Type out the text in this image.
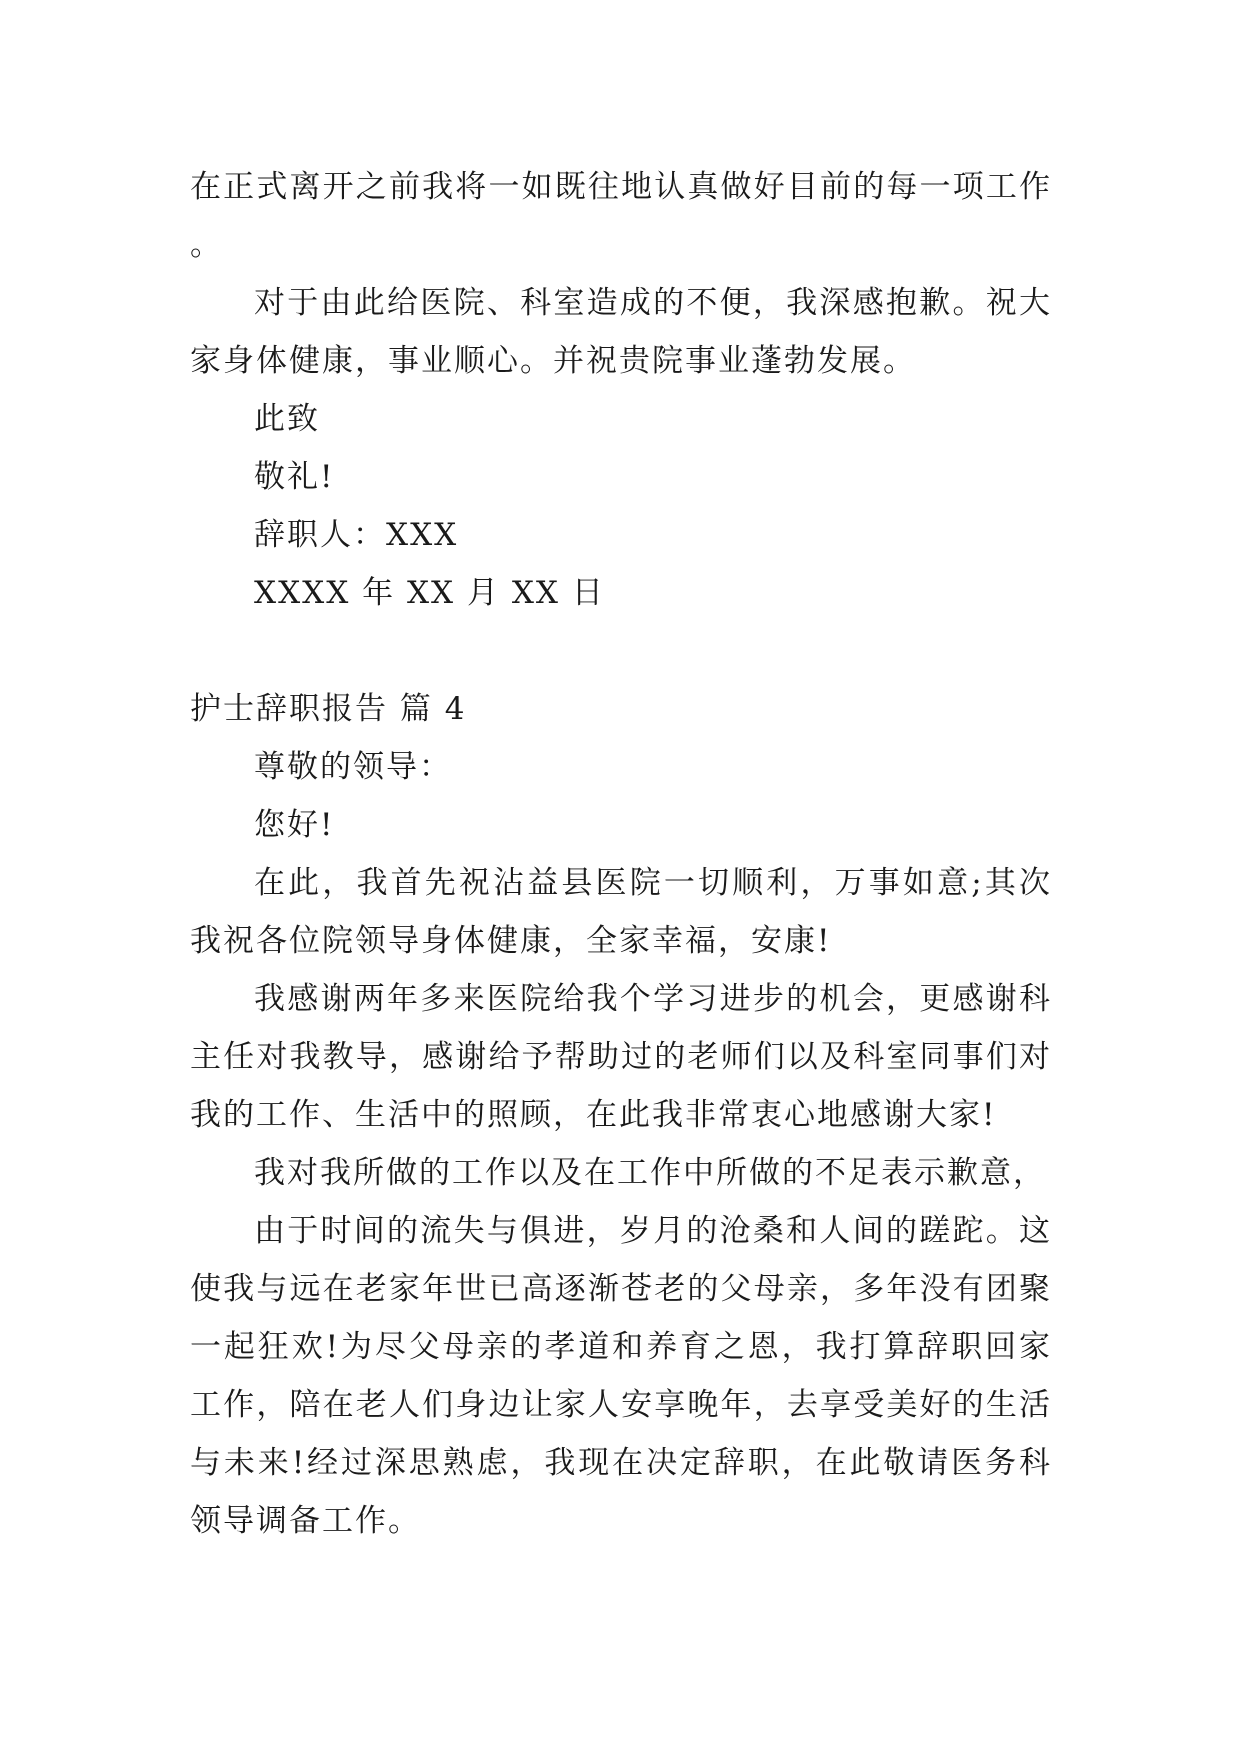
在正式离开之前我将一如既往地认真做好目前的每一项工作。

对于由此给医院、科室造成的不便，我深感抱歉。祝大家身体健康，事业顺心。并祝贵院事业蓬勃发展。

此致

敬礼!

辞职人：XXX

XXXX 年 XX 月 XX 日

护士辞职报告 篇 4

尊敬的领导：

您好!

在此，我首先祝沾益县医院一切顺利，万事如意;其次我祝各位院领导身体健康，全家幸福，安康!

我感谢两年多来医院给我个学习进步的机会，更感谢科主任对我教导，感谢给予帮助过的老师们以及科室同事们对我的工作、生活中的照顾，在此我非常衷心地感谢大家!

我对我所做的工作以及在工作中所做的不足表示歉意，

由于时间的流失与俱进，岁月的沧桑和人间的蹉跎。这使我与远在老家年世已高逐渐苍老的父母亲，多年没有团聚一起狂欢!为尽父母亲的孝道和养育之恩，我打算辞职回家工作，陪在老人们身边让家人安享晚年，去享受美好的生活与未来!经过深思熟虑，我现在决定辞职，在此敬请医务科领导调备工作。
